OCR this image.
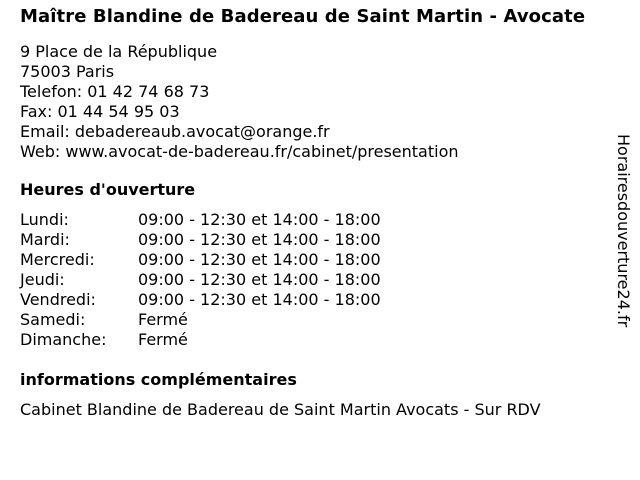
Maître Blandine de Badereau de Saint Martin - Avocate
9 Place de la République
75003 Paris
Telefon: 01 42 74 68 73
Fax: 01 44 54 95 03
Email: debadereaub.avocat@orange.fr
Web: www.avocat-de-badereau.fr/cabinet/presentation
Heures d'ouverture
Lundi:	09:00 - 12:30 et 14:00 - 18:00
Mardi:	09:00 - 12:30 et 14:00 - 18:00
Mercredi:	09:00 - 12:30 et 14:00 - 18:00
Jeudi:	09:00 - 12:30 et 14:00 - 18:00
Vendredi:	09:00 - 12:30 et 14:00 - 18:00
Samedi:	Fermé
Dimanche:	Fermé
informations complémentaires
Cabinet Blandine de Badereau de Saint Martin Avocats - Sur RDV
Horairesdouverture24.fr
